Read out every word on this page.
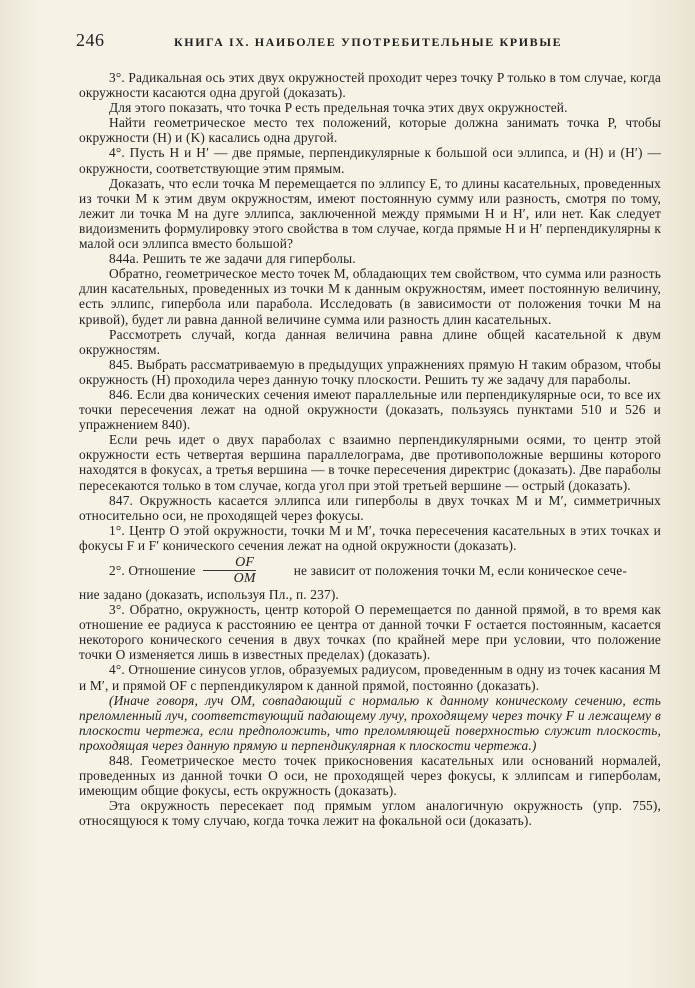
246	КНИГА IX. НАИБОЛЕЕ УПОТРЕБИТЕЛЬНЫЕ КРИВЫЕ

3°. Радикальная ось этих двух окружностей проходит через точку P только в том случае, когда окружности касаются одна другой (доказать).

Для этого показать, что точка P есть предельная точка этих двух окружностей.

Найти геометрическое место тех положений, которые должна занимать точка P, чтобы окружности (H) и (K) касались одна другой.

4°. Пусть H и H′ — две прямые, перпендикулярные к большой оси эллипса, и (H) и (H′) — окружности, соответствующие этим прямым.

Доказать, что если точка M перемещается по эллипсу E, то длины касательных, проведенных из точки M к этим двум окружностям, имеют постоянную сумму или разность, смотря по тому, лежит ли точка M на дуге эллипса, заключенной между прямыми H и H′, или нет. Как следует видоизменить формулировку этого свойства в том случае, когда прямые H и H′ перпендикулярны к малой оси эллипса вместо большой?

844a. Решить те же задачи для гиперболы.

Обратно, геометрическое место точек M, обладающих тем свойством, что сумма или разность длин касательных, проведенных из точки M к данным окружностям, имеет постоянную величину, есть эллипс, гипербола или парабола. Исследовать (в зависимости от положения точки M на кривой), будет ли равна данной величине сумма или разность длин касательных.

Рассмотреть случай, когда данная величина равна длине общей касательной к двум окружностям.

845. Выбрать рассматриваемую в предыдущих упражнениях прямую H таким образом, чтобы окружность (H) проходила через данную точку плоскости. Решить ту же задачу для параболы.

846. Если два конических сечения имеют параллельные или перпендикулярные оси, то все их точки пересечения лежат на одной окружности (доказать, пользуясь пунктами 510 и 526 и упражнением 840).

Если речь идет о двух параболах с взаимно перпендикулярными осями, то центр этой окружности есть четвертая вершина параллелограма, две противоположные вершины которого находятся в фокусах, а третья вершина — в точке пересечения директрис (доказать). Две параболы пересекаются только в том случае, когда угол при этой третьей вершине — острый (доказать).

847. Окружность касается эллипса или гиперболы в двух точках M и M′, симметричных относительно оси, не проходящей через фокусы.

1°. Центр O этой окружности, точки M и M′, точка пересечения касательных в этих точках и фокусы F и F′ конического сечения лежат на одной окружности (доказать).

2°. Отношение $\frac{OF}{OM}$	не зависит от положения точки M, если коническое сече-

ние задано (доказать, используя Пл., п. 237).

3°. Обратно, окружность, центр которой O перемещается по данной прямой, в то время как отношение ее радиуса к расстоянию ее центра от данной точки F остается постоянным, касается некоторого конического сечения в двух точках (по крайней мере при условии, что положение точки O изменяется лишь в известных пределах) (доказать).

4°. Отношение синусов углов, образуемых радиусом, проведенным в одну из точек касания M и M′, и прямой OF с перпендикуляром к данной прямой, постоянно (доказать).

(Иначе говоря, луч OM, совпадающий с нормалью к данному коническому сечению, есть преломленный луч, соответствующий падающему лучу, проходящему через точку F и лежащему в плоскости чертежа, если предположить, что преломляющей поверхностью служит плоскость, проходящая через данную прямую и перпендикулярная к плоскости чертежа.)

848. Геометрическое место точек прикосновения касательных или оснований нормалей, проведенных из данной точки O оси, не проходящей через фокусы, к эллипсам и гиперболам, имеющим общие фокусы, есть окружность (доказать).

Эта окружность пересекает под прямым углом аналогичную окружность (упр. 755), относящуюся к тому случаю, когда точка лежит на фокальной оси (доказать).
